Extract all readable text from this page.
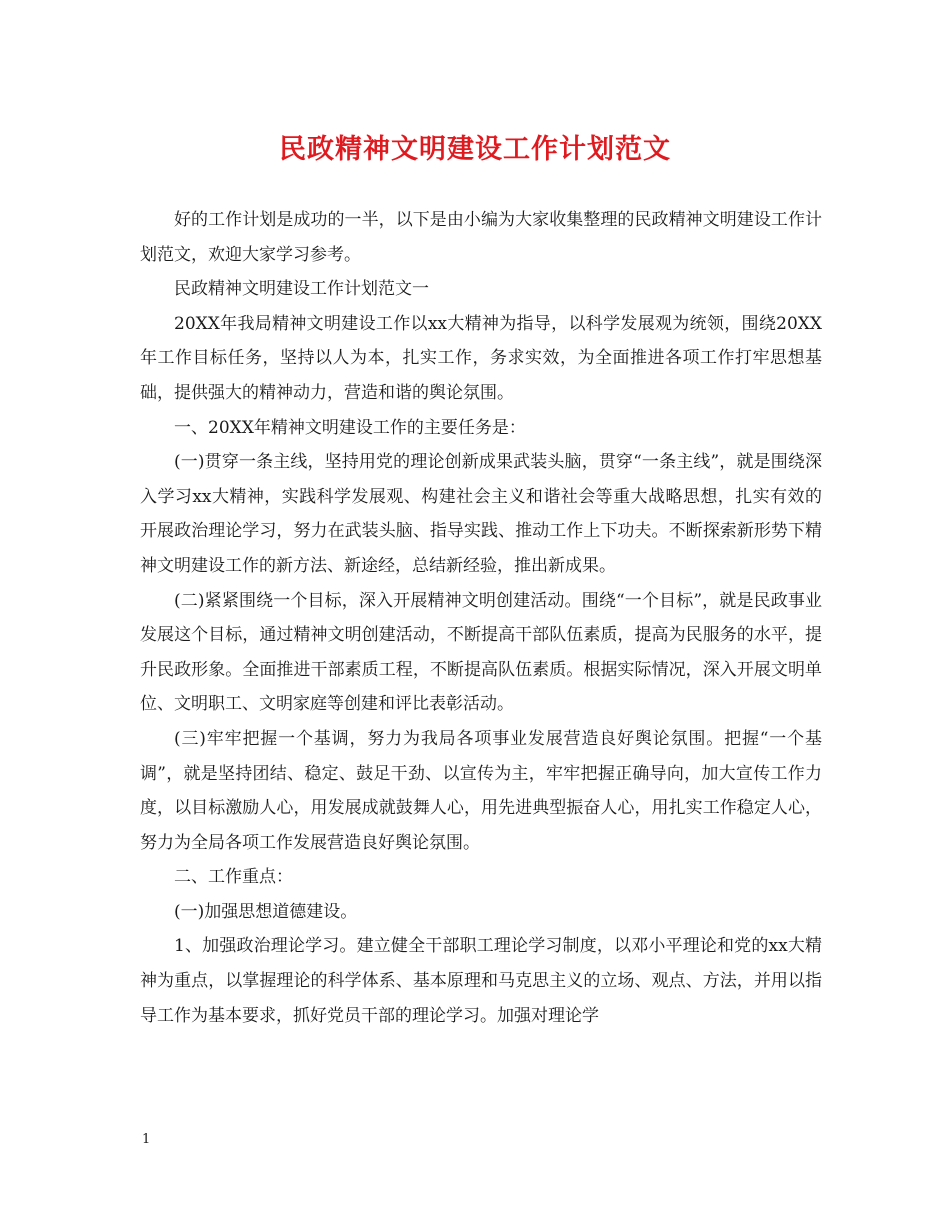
民政精神文明建设工作计划范文

好的工作计划是成功的一半，以下是由小编为大家收集整理的民政精神文明建设工作计划范文，欢迎大家学习参考。

民政精神文明建设工作计划范文一

20XX年我局精神文明建设工作以xx大精神为指导，以科学发展观为统领，围绕20XX年工作目标任务，坚持以人为本，扎实工作，务求实效，为全面推进各项工作打牢思想基础，提供强大的精神动力，营造和谐的舆论氛围。

一、20XX年精神文明建设工作的主要任务是：

(一)贯穿一条主线，坚持用党的理论创新成果武装头脑，贯穿“一条主线”，就是围绕深入学习xx大精神，实践科学发展观、构建社会主义和谐社会等重大战略思想，扎实有效的开展政治理论学习，努力在武装头脑、指导实践、推动工作上下功夫。不断探索新形势下精神文明建设工作的新方法、新途经，总结新经验，推出新成果。

(二)紧紧围绕一个目标，深入开展精神文明创建活动。围绕“一个目标”，就是民政事业发展这个目标，通过精神文明创建活动，不断提高干部队伍素质，提高为民服务的水平，提升民政形象。全面推进干部素质工程，不断提高队伍素质。根据实际情况，深入开展文明单位、文明职工、文明家庭等创建和评比表彰活动。

(三)牢牢把握一个基调，努力为我局各项事业发展营造良好舆论氛围。把握“一个基调”，就是坚持团结、稳定、鼓足干劲、以宣传为主，牢牢把握正确导向，加大宣传工作力度，以目标激励人心，用发展成就鼓舞人心，用先进典型振奋人心，用扎实工作稳定人心，努力为全局各项工作发展营造良好舆论氛围。

二、工作重点：

(一)加强思想道德建设。

1、加强政治理论学习。建立健全干部职工理论学习制度，以邓小平理论和党的xx大精神为重点，以掌握理论的科学体系、基本原理和马克思主义的立场、观点、方法，并用以指导工作为基本要求，抓好党员干部的理论学习。加强对理论学

1
